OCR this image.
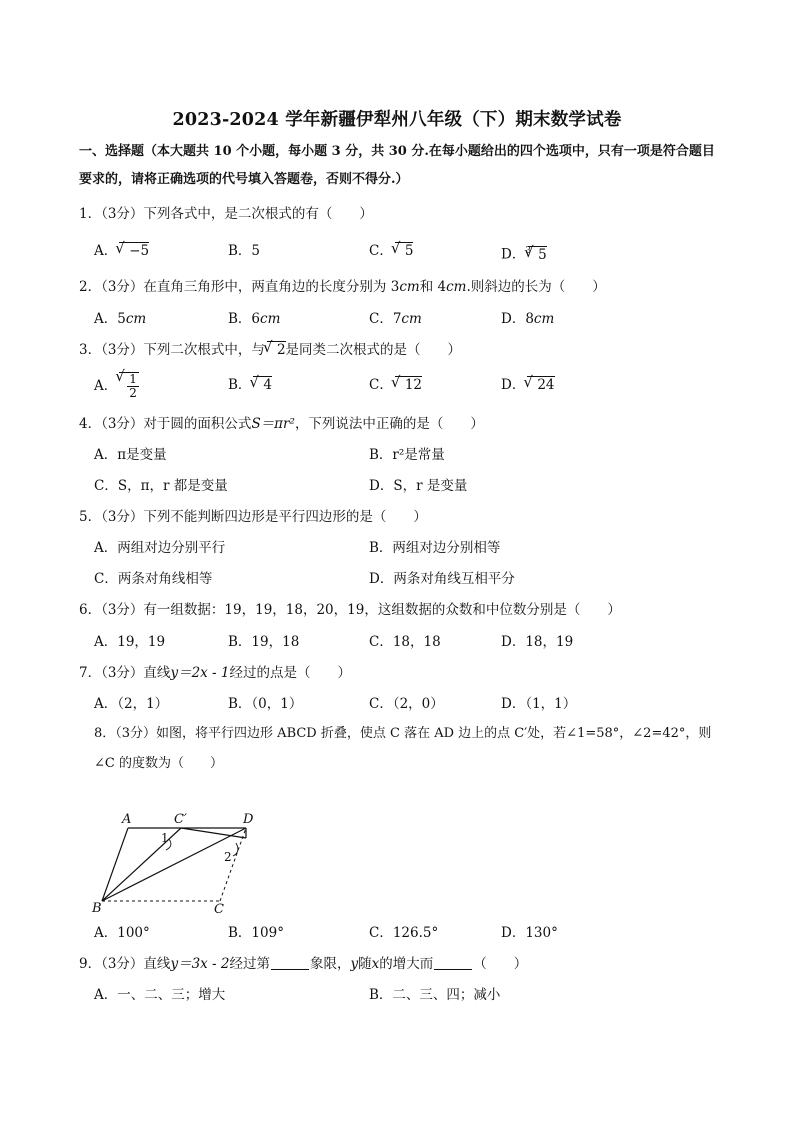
2023-2024 学年新疆伊犁州八年级（下）期末数学试卷
一、选择题（本大题共 10 个小题，每小题 3 分，共 30 分.在每小题给出的四个选项中，只有一项是符合题目要求的，请将正确选项的代号填入答题卷，否则不得分.）
1．（3分）下列各式中，是二次根式的有（　　）
A． √ −5	B．5	C． √ 5	D．$^3$ √ 5
2．（3分）在直角三角形中，两直角边的长度分别为 3cm和 4cm.则斜边的长为（　　）
A．5cm	B．6cm	C．7cm	D．8cm
3．（3分）下列二次根式中，与 √ 2是同类二次根式的是（　　）
A． √ $\frac{1}{2}$	B． √ 4	C． √ 12	D． √ 24
4．（3分）对于圆的面积公式S＝πr²，下列说法中正确的是（　　）
A．π是变量	B．r²是常量
C．S，π，r 都是变量	D．S，r 是变量
5．（3分）下列不能判断四边形是平行四边形的是（　　）
A．两组对边分别平行	B．两组对边分别相等
C．两条对角线相等	D．两条对角线互相平分
6．（3分）有一组数据：19，19，18，20，19，这组数据的众数和中位数分别是（　　）
A．19，19	B．19，18	C．18，18	D．18，19
7．（3分）直线y＝2x - 1经过的点是（　　）
A．（2，1）	B．（0，1）	C．（2，0）	D．（1，1）
8．（3分）如图，将平行四边形 ABCD 折叠，使点 C 落在 AD 边上的点 C′处，若∠1=58°，∠2=42°，则∠C 的度数为（　　）
A	C′	D
B	C
1
2
A．100°	B．109°	C．126.5°	D．130°
9．（3分）直线y＝3x - 2经过第	象限，y随x的增大而	（　　）
A．一、二、三；增大	B．二、三、四；减小
